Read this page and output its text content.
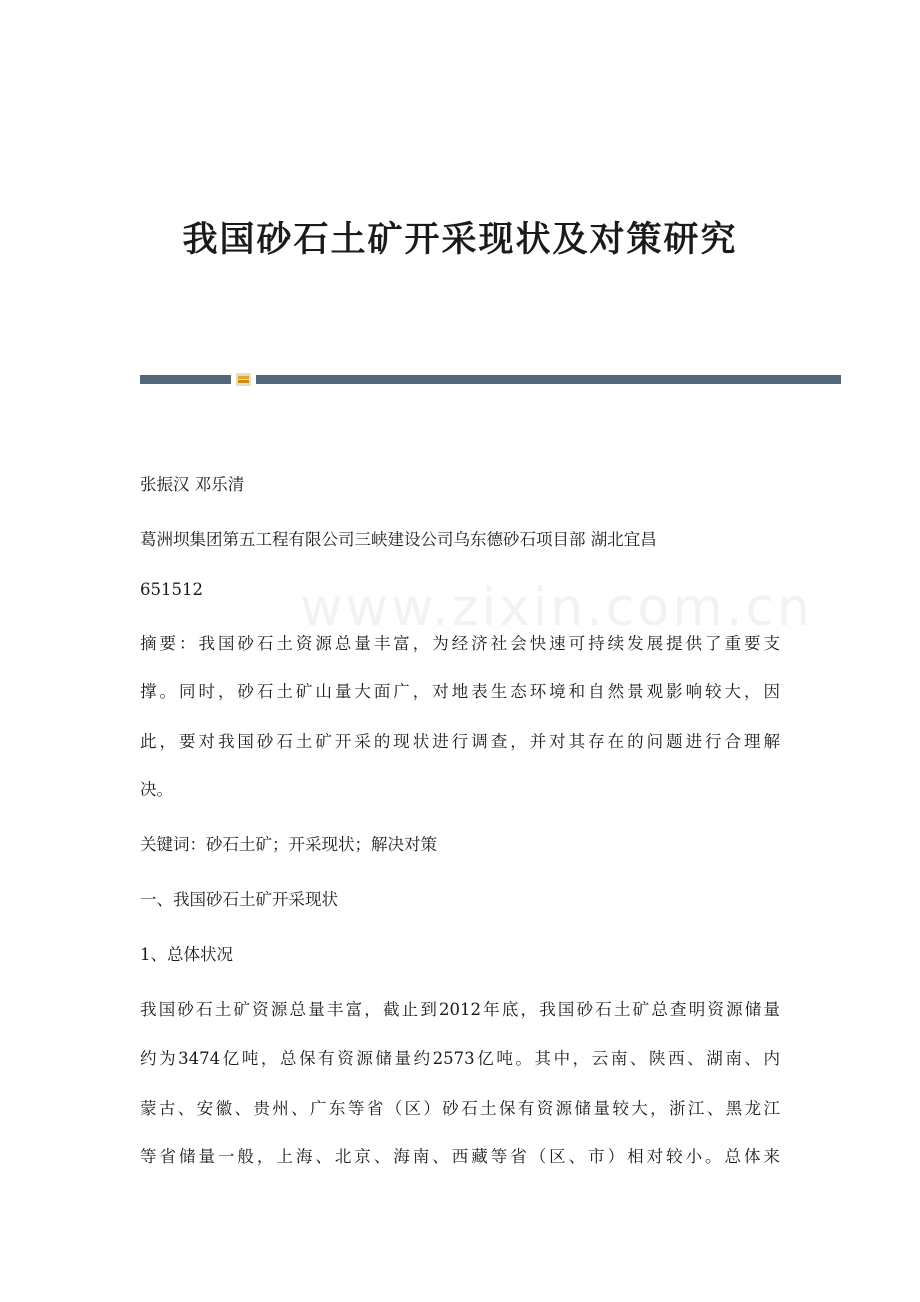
www.zixin.com.cn
我国砂石土矿开采现状及对策研究

张振汉 邓乐清

葛洲坝集团第五工程有限公司三峡建设公司乌东德砂石项目部 湖北宜昌

651512

摘要：我国砂石土资源总量丰富，为经济社会快速可持续发展提供了重要支

撑。同时，砂石土矿山量大面广，对地表生态环境和自然景观影响较大，因

此，要对我国砂石土矿开采的现状进行调查，并对其存在的问题进行合理解

决。

关键词：砂石土矿；开采现状；解决对策

一、我国砂石土矿开采现状

1、总体状况

我国砂石土矿资源总量丰富，截止到2012年底，我国砂石土矿总查明资源储量

约为3474亿吨，总保有资源储量约2573亿吨。其中，云南、陕西、湖南、内

蒙古、安徽、贵州、广东等省（区）砂石土保有资源储量较大，浙江、黑龙江

等省储量一般，上海、北京、海南、西藏等省（区、市）相对较小。总体来
